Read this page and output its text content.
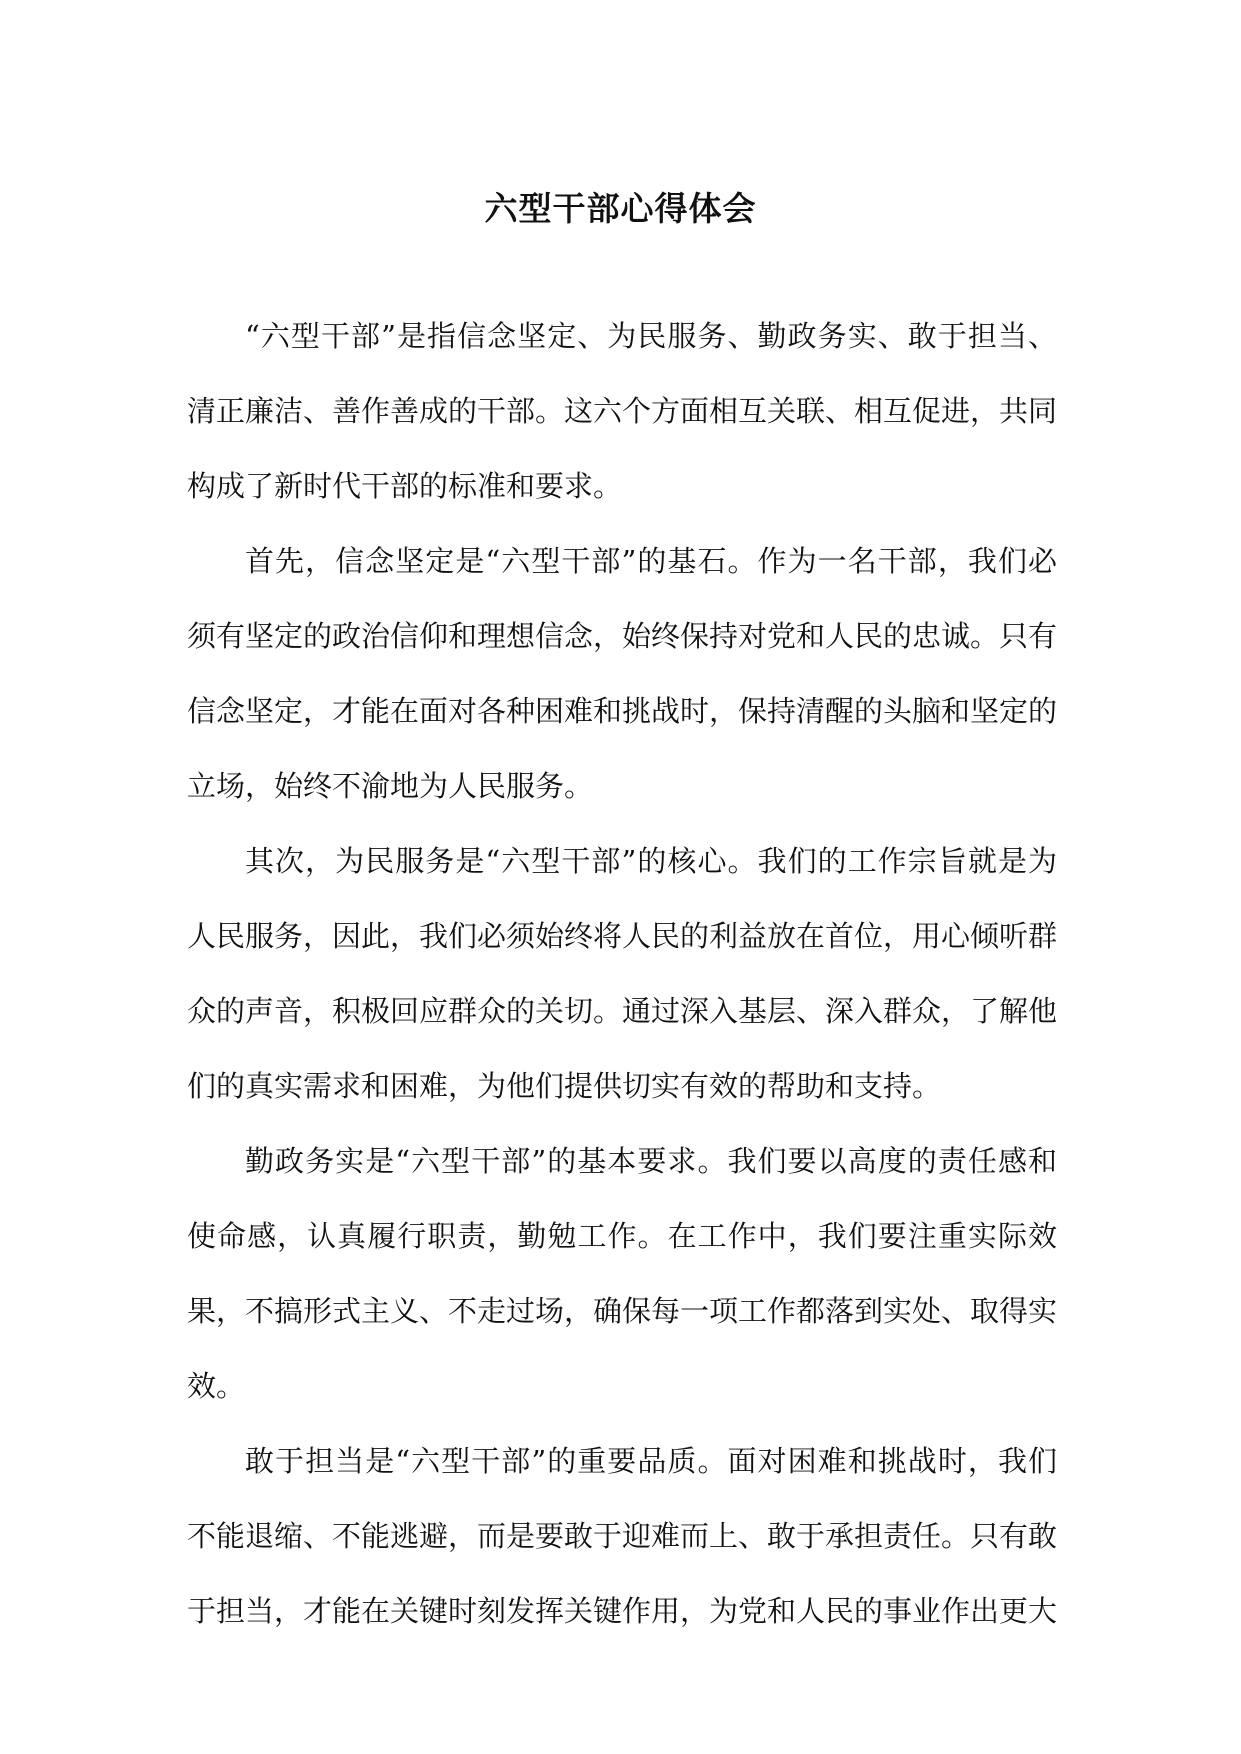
六型干部心得体会

“六型干部”是指信念坚定、为民服务、勤政务实、敢于担当、清正廉洁、善作善成的干部。这六个方面相互关联、相互促进，共同构成了新时代干部的标准和要求。

首先，信念坚定是“六型干部”的基石。作为一名干部，我们必须有坚定的政治信仰和理想信念，始终保持对党和人民的忠诚。只有信念坚定，才能在面对各种困难和挑战时，保持清醒的头脑和坚定的立场，始终不渝地为人民服务。

其次，为民服务是“六型干部”的核心。我们的工作宗旨就是为人民服务，因此，我们必须始终将人民的利益放在首位，用心倾听群众的声音，积极回应群众的关切。通过深入基层、深入群众，了解他们的真实需求和困难，为他们提供切实有效的帮助和支持。

勤政务实是“六型干部”的基本要求。我们要以高度的责任感和使命感，认真履行职责，勤勉工作。在工作中，我们要注重实际效果，不搞形式主义、不走过场，确保每一项工作都落到实处、取得实效。

敢于担当是“六型干部”的重要品质。面对困难和挑战时，我们不能退缩、不能逃避，而是要敢于迎难而上、敢于承担责任。只有敢于担当，才能在关键时刻发挥关键作用，为党和人民的事业作出更大
